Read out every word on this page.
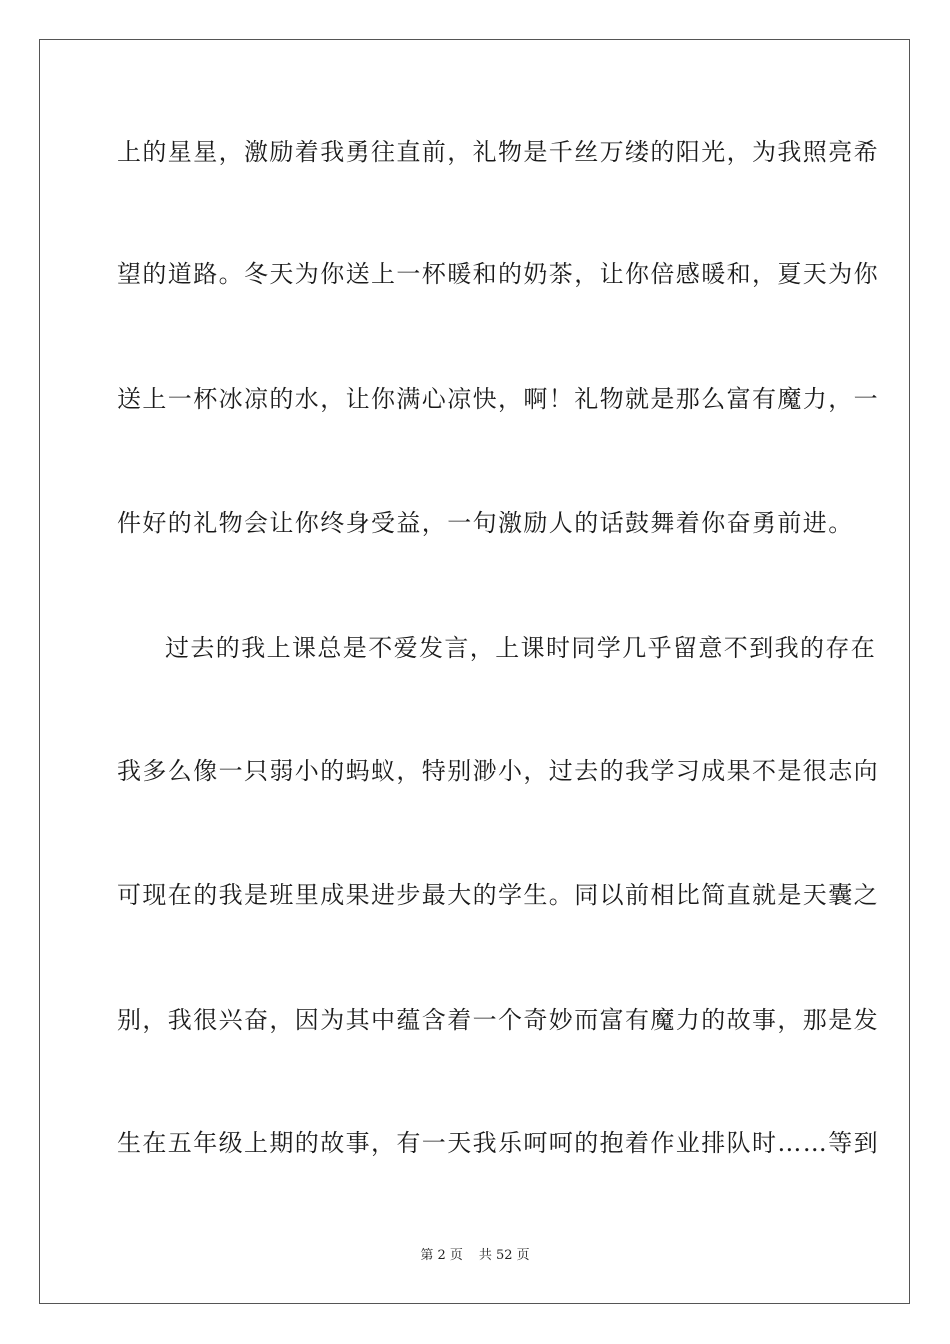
上的星星，激励着我勇往直前，礼物是千丝万缕的阳光，为我照亮希
望的道路。冬天为你送上一杯暖和的奶茶，让你倍感暖和，夏天为你
送上一杯冰凉的水，让你满心凉快，啊！礼物就是那么富有魔力，一
件好的礼物会让你终身受益，一句激励人的话鼓舞着你奋勇前进。
过去的我上课总是不爱发言，上课时同学几乎留意不到我的存在
我多么像一只弱小的蚂蚁，特别渺小，过去的我学习成果不是很志向
可现在的我是班里成果进步最大的学生。同以前相比简直就是天囊之
别，我很兴奋，因为其中蕴含着一个奇妙而富有魔力的故事，那是发
生在五年级上期的故事，有一天我乐呵呵的抱着作业排队时……等到
第 2 页 共 52 页
